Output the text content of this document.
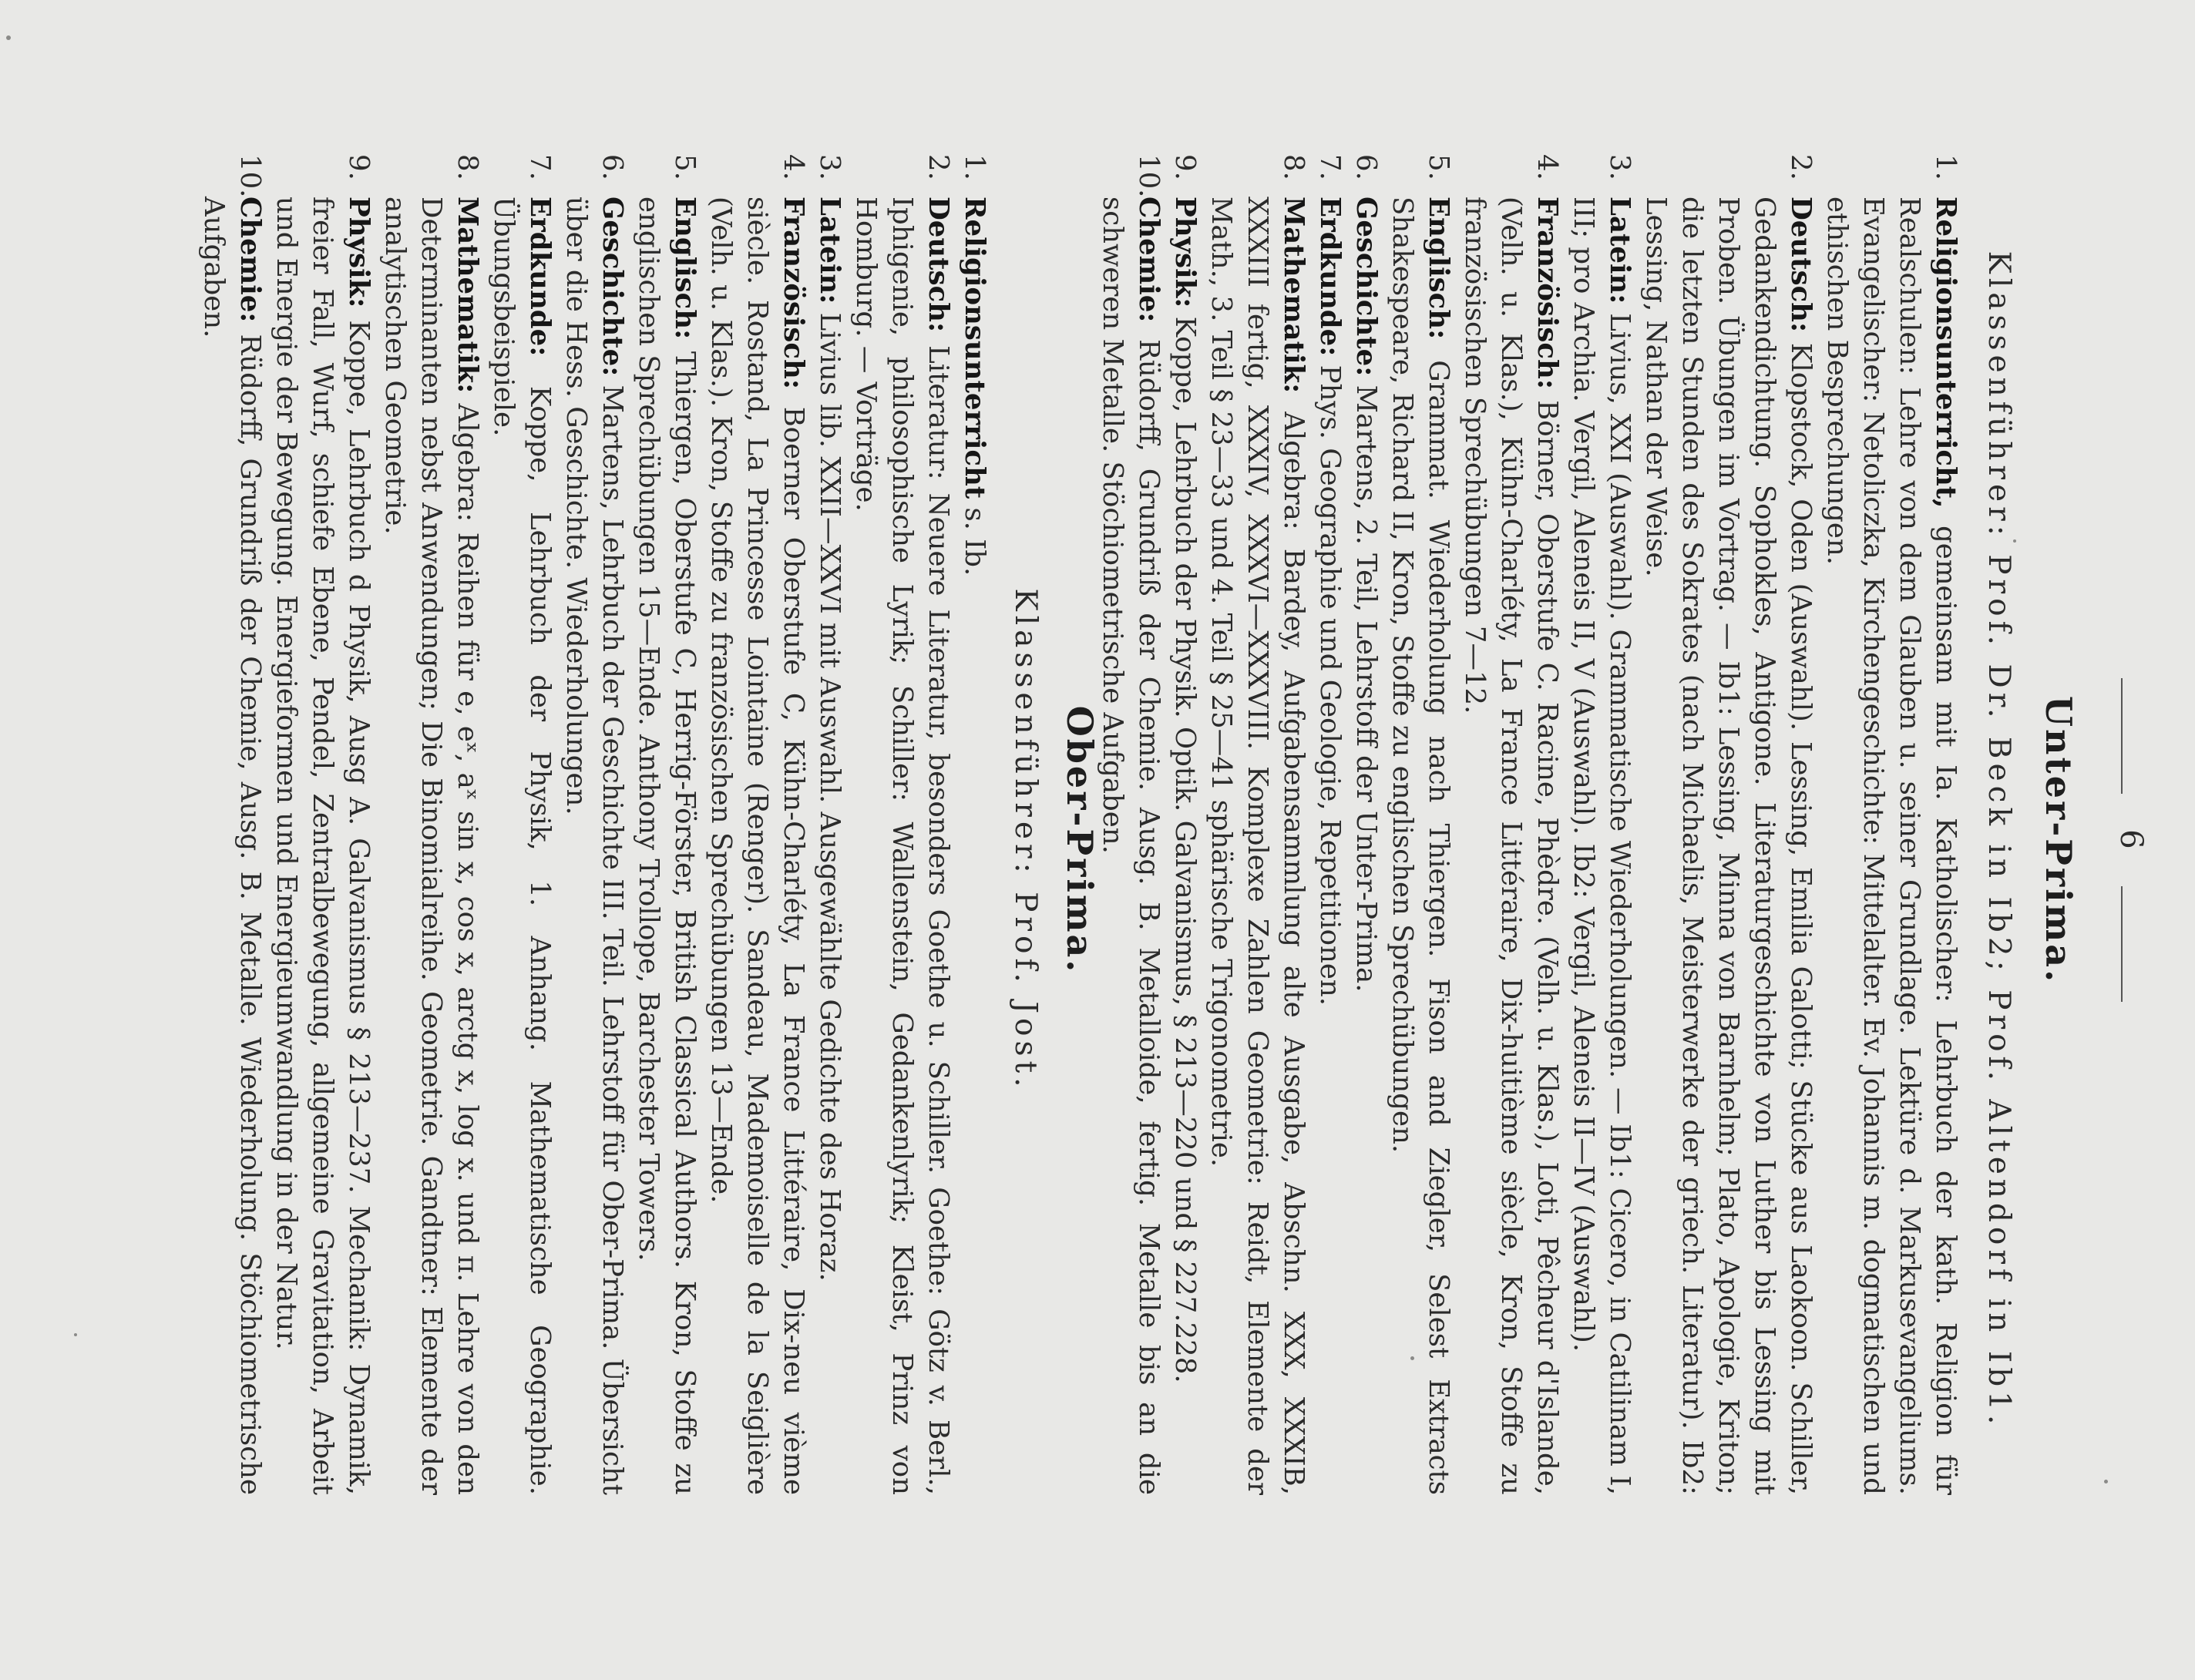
6
Unter-Prima.
Klassenführer: Prof. Dr. Beck in Ib2; Prof. Altendorf in Ib1.
1.
Religionsunterricht, gemeinsam mit Ia. Katholischer: Lehrbuch der kath. Religion für Realschulen: Lehre von dem Glauben u. seiner Grundlage. Lektüre d. Markusevangeliums. Evangelischer: Netoliczka, Kirchengeschichte: Mittelalter. Ev. Johannis m. dogmatischen und ethischen Besprechungen.
2.
Deutsch: Klopstock, Oden (Auswahl). Lessing, Emilia Galotti; Stücke aus Laokoon. Schiller, Gedankendichtung. Sophokles, Antigone. Literaturgeschichte von Luther bis Lessing mit Proben. Übungen im Vortrag. — Ib1: Lessing, Minna von Barnhelm; Plato, Apologie, Kriton; die letzten Stunden des Sokrates (nach Michaelis, Meisterwerke der griech. Literatur). Ib2: Lessing, Nathan der Weise.
3.
Latein: Livius, XXI (Auswahl). Grammatische Wiederholungen. — Ib1: Cicero, in Catilinam I, III; pro Archia. Vergil, Aleneis II, V (Auswahl). Ib2: Vergil, Aleneis II—IV (Auswahl).
4.
Französisch: Börner, Oberstufe C. Racine, Phèdre. (Velh. u. Klas.), Loti, Pêcheur d'Islande, (Velh. u. Klas.), Kühn-Charléty, La France Littéraire, Dix-huitième siècle, Kron, Stoffe zu französischen Sprechübungen 7—12.
5.
Englisch: Grammat. Wiederholung nach Thiergen. Fison and Ziegler, Selest Extracts Shakespeare, Richard II, Kron, Stoffe zu englischen Sprechübungen.
6.
Geschichte: Martens, 2. Teil, Lehrstoff der Unter-Prima.
7.
Erdkunde: Phys. Geographie und Geologie, Repetitionen.
8.
Mathematik: Algebra: Bardey, Aufgabensammlung alte Ausgabe, Abschn. XXX, XXXIB, XXXIII fertig, XXXIV, XXXVI—XXXVIII. Komplexe Zahlen Geometrie: Reidt, Elemente der Math., 3. Teil § 23—33 und 4. Teil § 25—41 sphärische Trigonometrie.
9.
Physik: Koppe, Lehrbuch der Physik. Optik. Galvanismus, § 213—220 und § 227.228.
10.
Chemie: Rüdorff, Grundriß der Chemie. Ausg. B. Metalloide, fertig. Metalle bis an die schweren Metalle. Stöchiometrische Aufgaben.
Ober-Prima.
Klassenführer: Prof. Jost.
1.
Religionsunterricht s. Ib.
2.
Deutsch: Literatur: Neuere Literatur, besonders Goethe u. Schiller. Goethe: Götz v. Berl., Iphigenie, philosophische Lyrik; Schiller: Wallenstein, Gedankenlyrik; Kleist, Prinz von Homburg. — Vorträge.
3.
Latein: Livius lib. XXII—XXVI mit Auswahl. Ausgewählte Gedichte des Horaz.
4.
Französisch: Boerner Oberstufe C, Kühn-Charléty, La France Littéraire, Dix-neu vième siècle. Rostand, La Princesse Lointaine (Renger). Sandeau, Mademoiselle de la Seiglière (Velh. u. Klas.). Kron, Stoffe zu französischen Sprechübungen 13—Ende.
5.
Englisch: Thiergen, Oberstufe C, Herrig-Förster, British Classical Authors. Kron, Stoffe zu englischen Sprechübungen 15—Ende. Anthony Trollope, Barchester Towers.
6.
Geschichte: Martens, Lehrbuch der Geschichte III. Teil. Lehrstoff für Ober-Prima. Übersicht über die Hess. Geschichte. Wiederholungen.
7.
Erdkunde: Koppe, Lehrbuch der Physik, 1. Anhang. Mathematische Geographie. Übungsbeispiele.
8.
Mathematik: Algebra: Reihen für e, eˣ, aˣ sin x, cos x, arctg x, log x. und π. Lehre von den Determinanten nebst Anwendungen; Die Binomialreihe. Geometrie. Gandtner: Elemente der analytischen Geometrie.
9.
Physik: Koppe, Lehrbuch d Physik, Ausg A. Galvanismus § 213—237. Mechanik: Dynamik, freier Fall, Wurf, schiefe Ebene, Pendel, Zentralbewegung, allgemeine Gravitation, Arbeit und Energie der Bewegung. Energieformen und Energieumwandlung in der Natur.
10.
Chemie: Rüdorff, Grundriß der Chemie, Ausg. B. Metalle. Wiederholung. Stöchiometrische Aufgaben.
